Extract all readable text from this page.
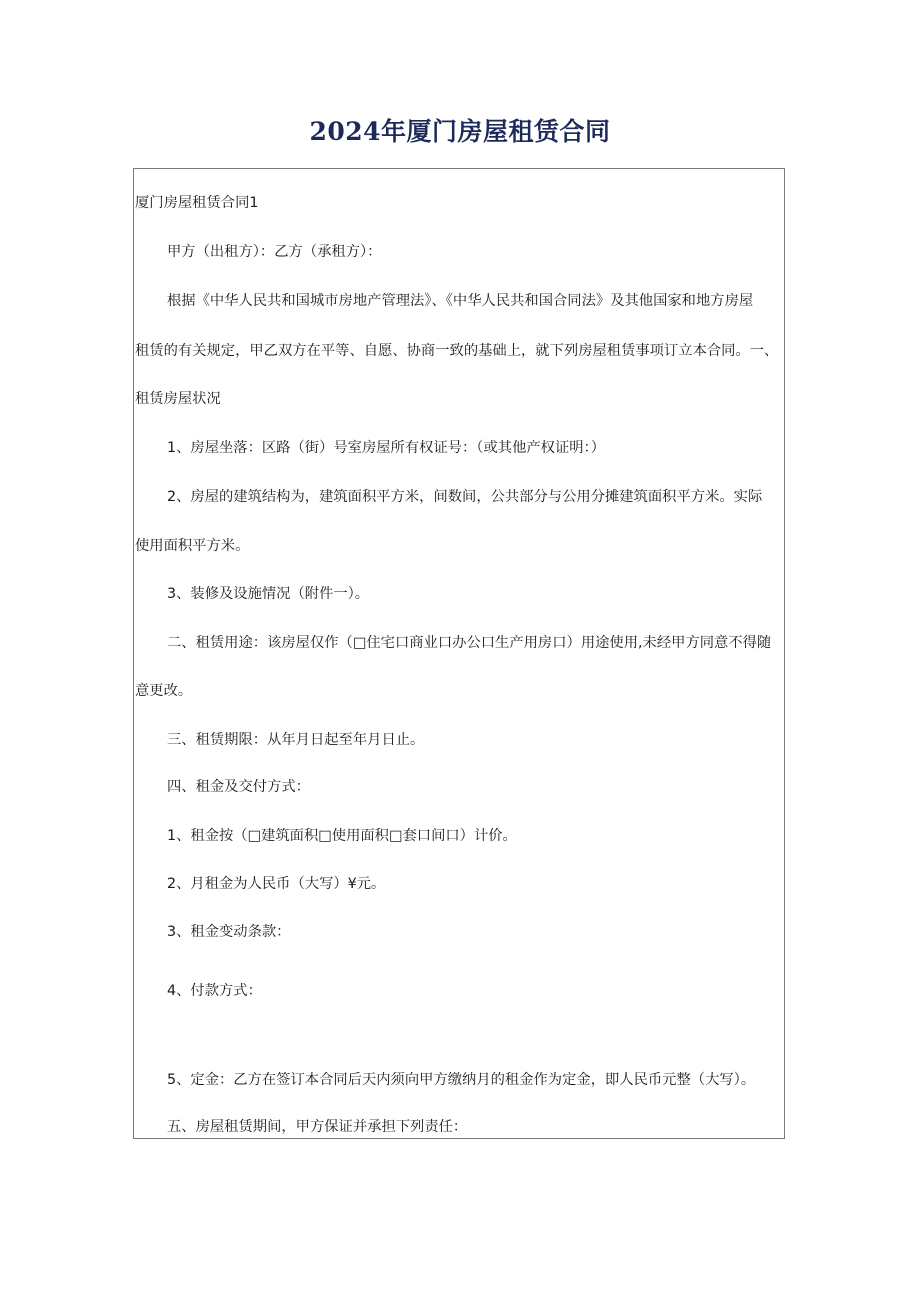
2024年厦门房屋租赁合同

厦门房屋租赁合同1

甲方（出租方）：乙方（承租方）：

根据《中华人民共和国城市房地产管理法》、《中华人民共和国合同法》及其他国家和地方房屋

租赁的有关规定，甲乙双方在平等、自愿、协商一致的基础上，就下列房屋租赁事项订立本合同。一、

租赁房屋状况

1、房屋坐落：区路（街）号室房屋所有权证号：（或其他产权证明：）

2、房屋的建筑结构为，建筑面积平方米，间数间，公共部分与公用分摊建筑面积平方米。实际

使用面积平方米。

3、装修及设施情况（附件一）。

二、租赁用途：该房屋仅作（□住宅口商业口办公口生产用房口）用途使用,未经甲方同意不得随

意更改。

三、租赁期限：从年月日起至年月日止。

四、租金及交付方式：

1、租金按（□建筑面积□使用面积□套口间口）计价。

2、月租金为人民币（大写）¥元。

3、租金变动条款：

4、付款方式：

5、定金：乙方在签订本合同后天内须向甲方缴纳月的租金作为定金，即人民币元整（大写）。

五、房屋租赁期间，甲方保证并承担下列责任：
